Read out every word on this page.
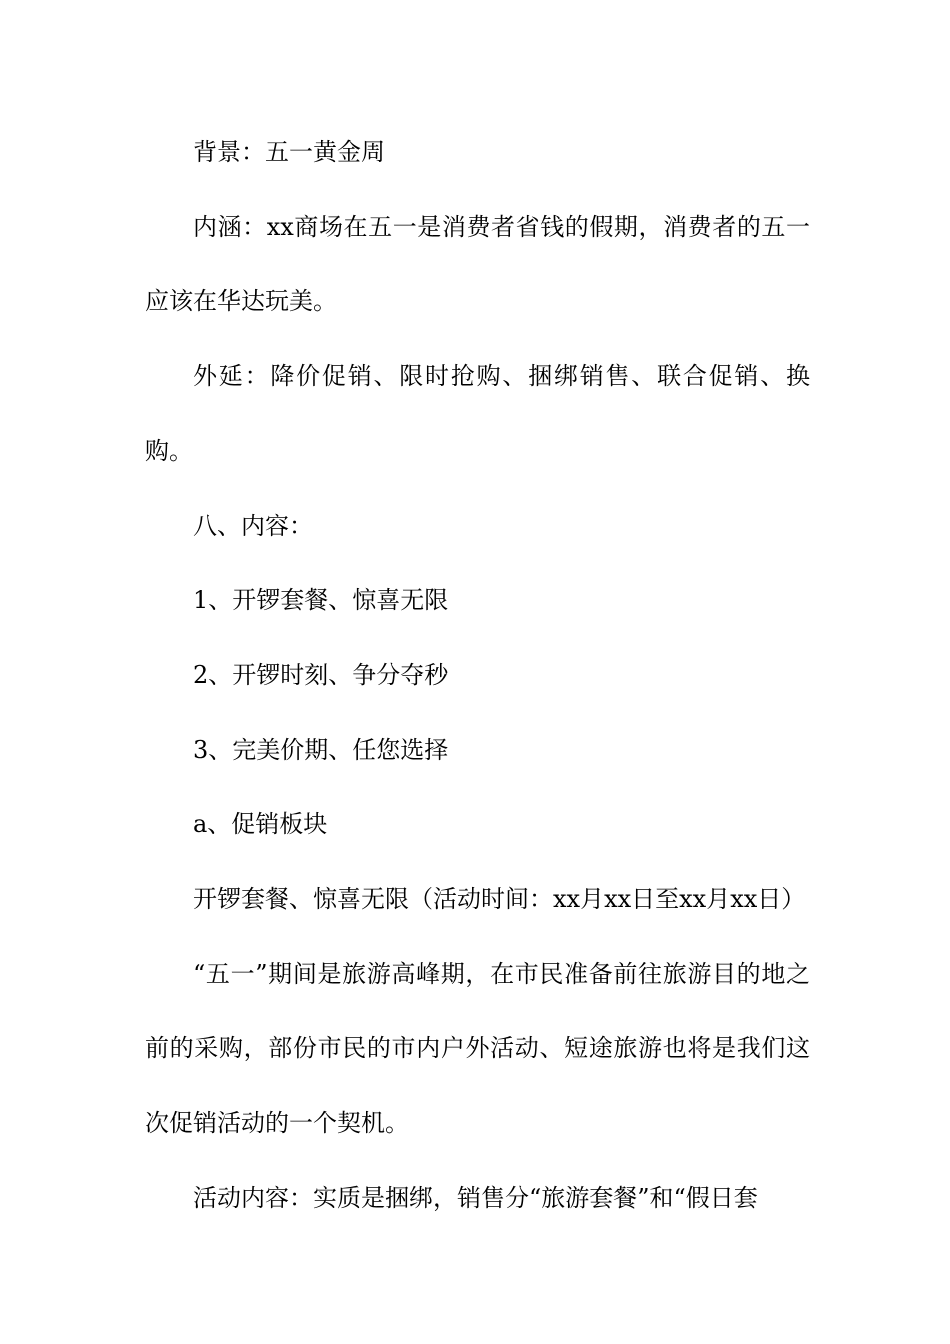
背景：五一黄金周

内涵：xx商场在五一是消费者省钱的假期，消费者的五一应该在华达玩美。

外延：降价促销、限时抢购、捆绑销售、联合促销、换购。

八、内容：

1、开锣套餐、惊喜无限

2、开锣时刻、争分夺秒

3、完美价期、任您选择

a、促销板块

开锣套餐、惊喜无限（活动时间：xx月xx日至xx月xx日）

“五一”期间是旅游高峰期，在市民准备前往旅游目的地之前的采购，部份市民的市内户外活动、短途旅游也将是我们这次促销活动的一个契机。

活动内容：实质是捆绑，销售分“旅游套餐”和“假日套
